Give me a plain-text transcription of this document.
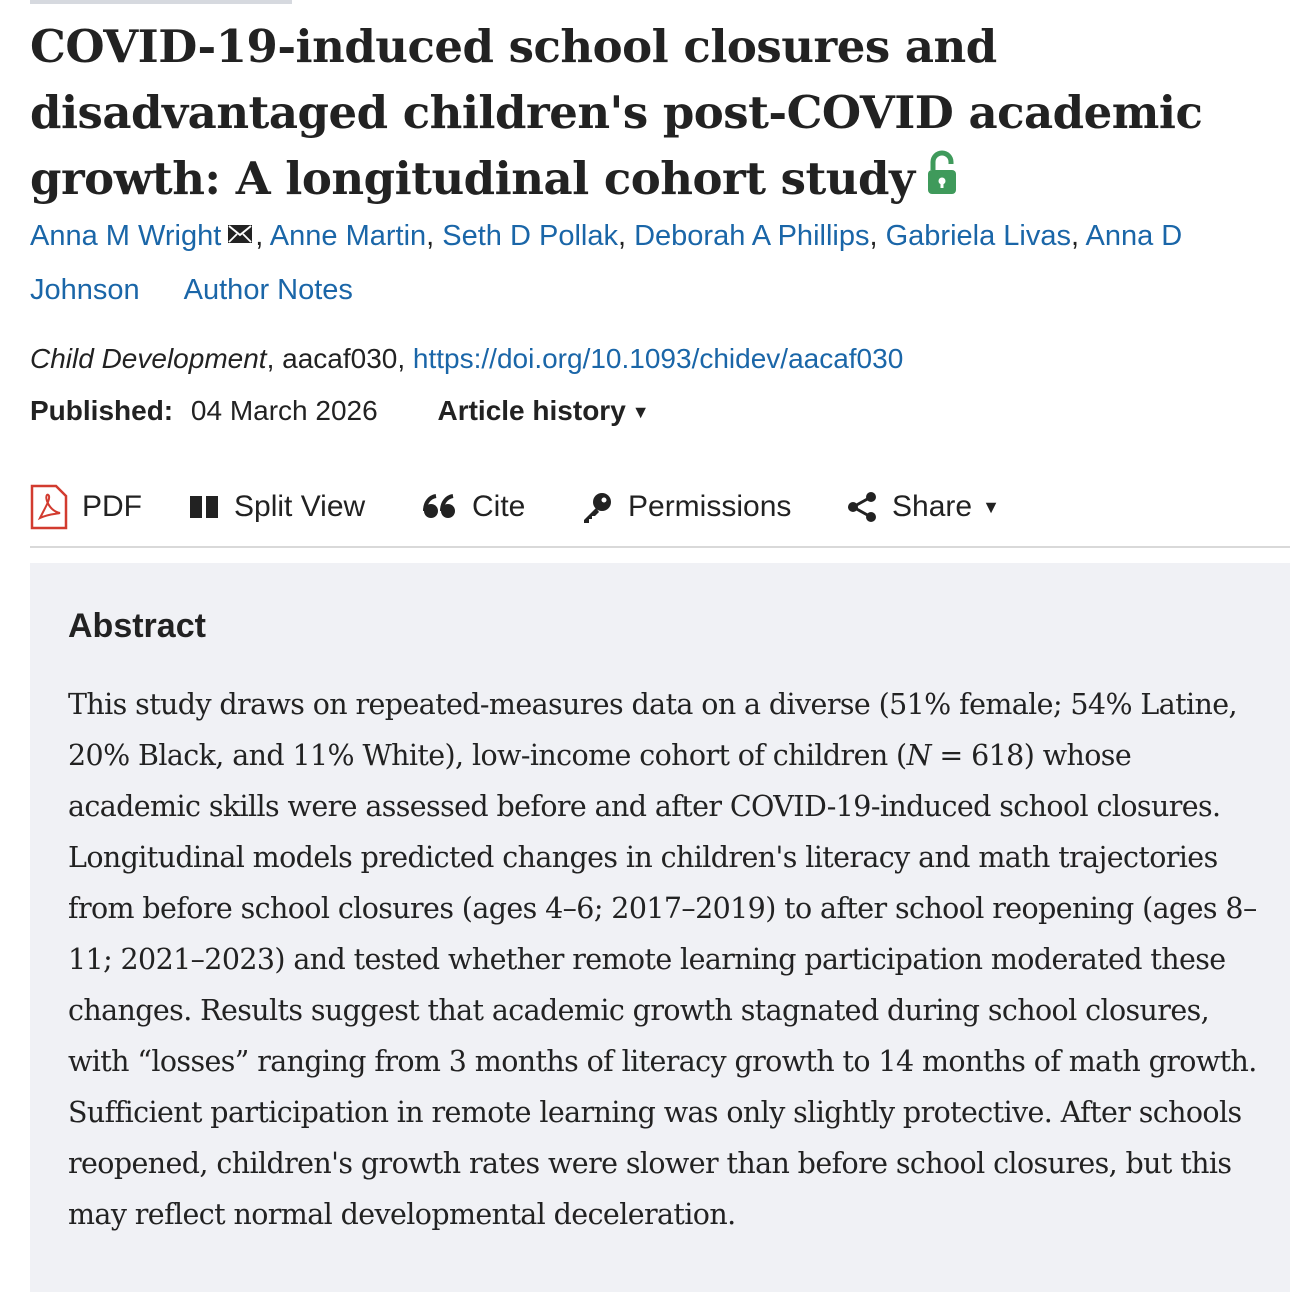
COVID-19-induced school closures and disadvantaged children's post-COVID academic growth: A longitudinal cohort study
Anna M Wright , Anne Martin, Seth D Pollak, Deborah A Phillips, Gabriela Livas, Anna D Johnson Author Notes
Child Development, aacaf030, https://doi.org/10.1093/chidev/aacaf030
Published: 04 March 2026 Article history ▼
PDF	Split View	Cite	Permissions	Share ▼
Abstract

This study draws on repeated-measures data on a diverse (51% female; 54% Latine, 20% Black, and 11% White), low-income cohort of children (N = 618) whose academic skills were assessed before and after COVID-19-induced school closures. Longitudinal models predicted changes in children's literacy and math trajectories from before school closures (ages 4–6; 2017–2019) to after school reopening (ages 8–11; 2021–2023) and tested whether remote learning participation moderated these changes. Results suggest that academic growth stagnated during school closures, with “losses” ranging from 3 months of literacy growth to 14 months of math growth. Sufficient participation in remote learning was only slightly protective. After schools reopened, children's growth rates were slower than before school closures, but this may reflect normal developmental deceleration.
